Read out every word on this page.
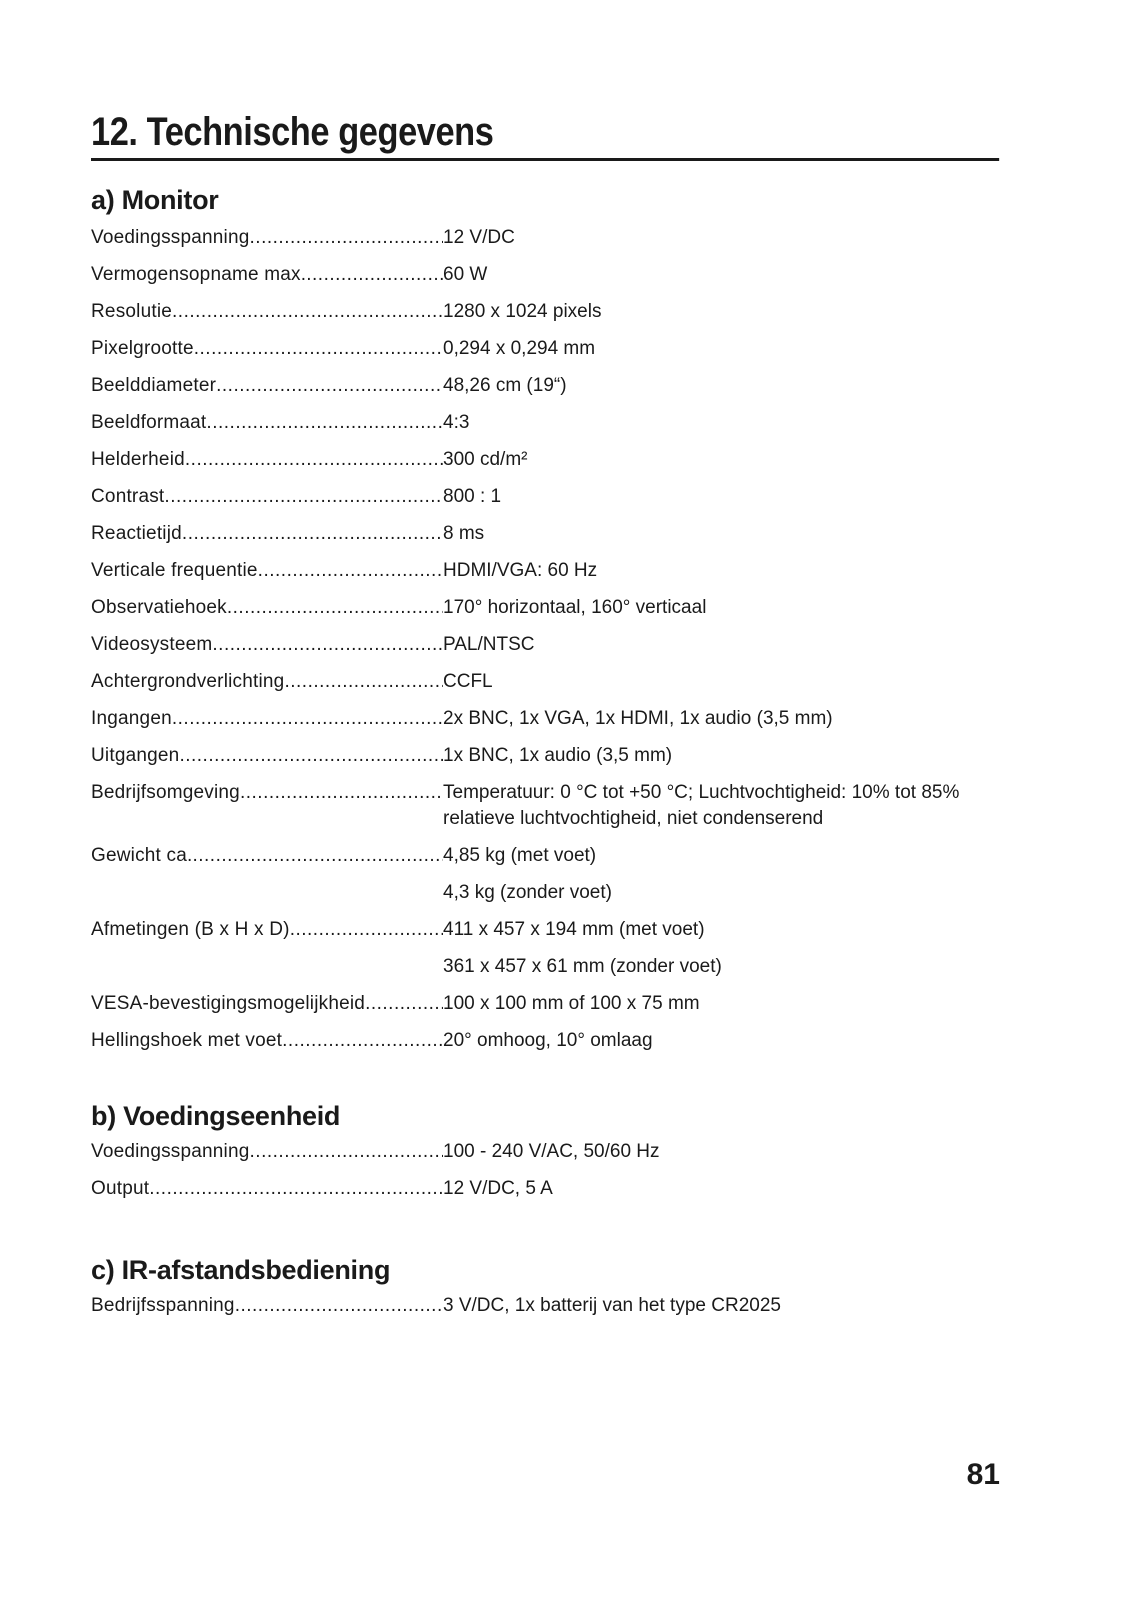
12. Technische gegevens
a) Monitor
Voedingsspanning .....	12 V/DC
Vermogensopname max. .....	60 W
Resolutie .....	1280 x 1024 pixels
Pixelgrootte .....	0,294 x 0,294 mm
Beelddiameter .....	48,26 cm (19“)
Beeldformaat .....	4:3
Helderheid .....	300 cd/m²
Contrast .....	800 : 1
Reactietijd .....	8 ms
Verticale frequentie .....	HDMI/VGA: 60 Hz
Observatiehoek .....	170° horizontaal, 160° verticaal
Videosysteem .....	PAL/NTSC
Achtergrondverlichting .....	CCFL
Ingangen .....	2x BNC, 1x VGA, 1x HDMI, 1x audio (3,5 mm)
Uitgangen .....	1x BNC, 1x audio (3,5 mm)
Bedrijfsomgeving .....	Temperatuur: 0 °C tot +50 °C; Luchtvochtigheid: 10% tot 85% relatieve luchtvochtigheid, niet condenserend
Gewicht ca. .....	4,85 kg (met voet)
4,3 kg (zonder voet)
Afmetingen (B x H x D) .....	411 x 457 x 194 mm (met voet)
361 x 457 x 61 mm (zonder voet)
VESA-bevestigingsmogelijkheid .....	100 x 100 mm of 100 x 75 mm
Hellingshoek met voet .....	20° omhoog, 10° omlaag
b) Voedingseenheid
Voedingsspanning .....	100 - 240 V/AC, 50/60 Hz
Output .....	12 V/DC, 5 A
c) IR-afstandsbediening
Bedrijfsspanning .....	3 V/DC, 1x batterij van het type CR2025
81
